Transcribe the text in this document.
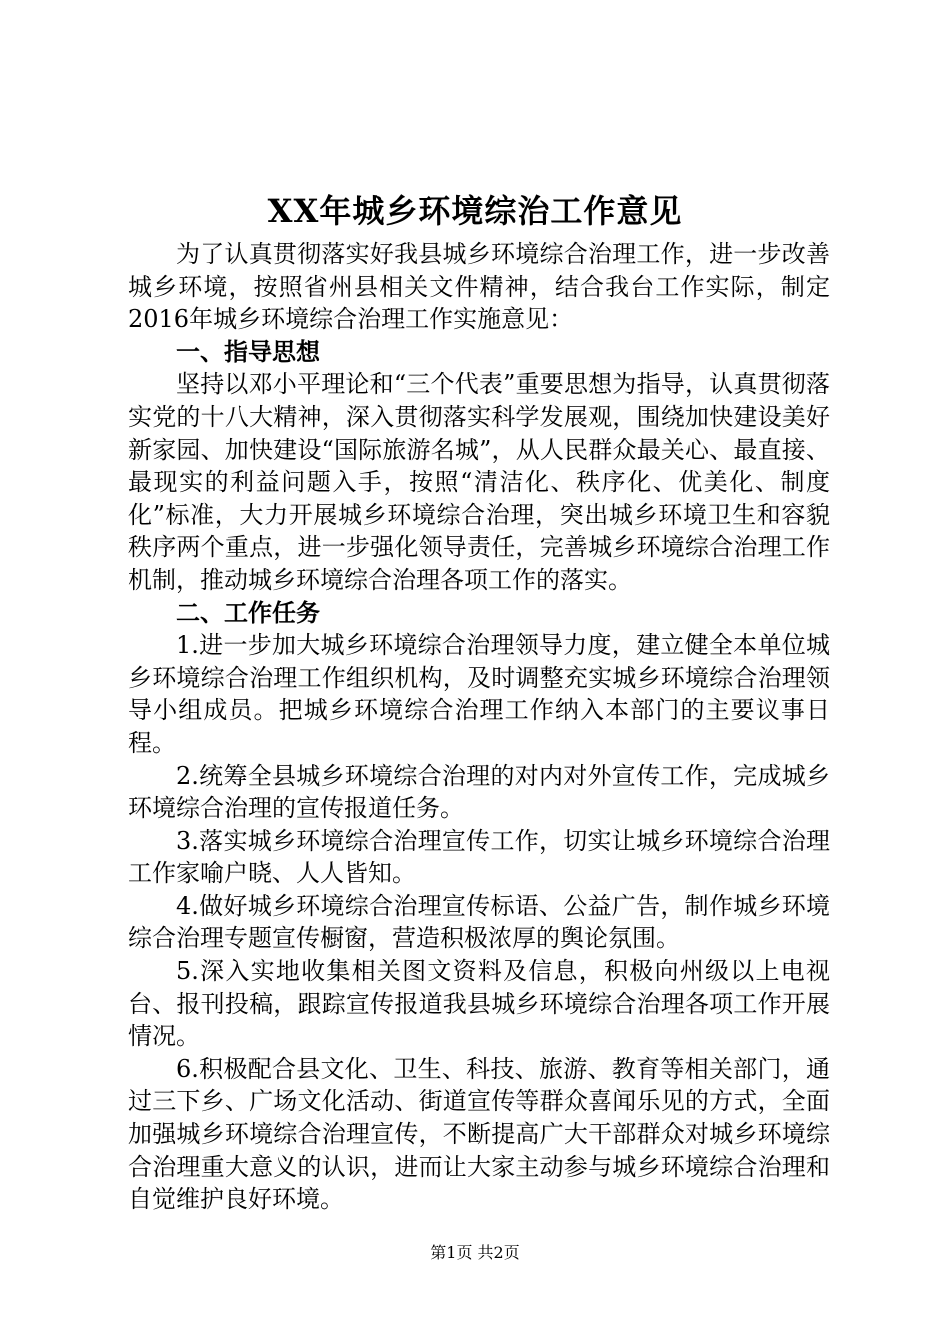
XX年城乡环境综治工作意见

为了认真贯彻落实好我县城乡环境综合治理工作，进一步改善城乡环境，按照省州县相关文件精神，结合我台工作实际，制定2016年城乡环境综合治理工作实施意见：

一、指导思想

坚持以邓小平理论和“三个代表”重要思想为指导，认真贯彻落实党的十八大精神，深入贯彻落实科学发展观，围绕加快建设美好新家园、加快建设“国际旅游名城”，从人民群众最关心、最直接、最现实的利益问题入手，按照“清洁化、秩序化、优美化、制度化”标准，大力开展城乡环境综合治理，突出城乡环境卫生和容貌秩序两个重点，进一步强化领导责任，完善城乡环境综合治理工作机制，推动城乡环境综合治理各项工作的落实。

二、工作任务

1.进一步加大城乡环境综合治理领导力度，建立健全本单位城乡环境综合治理工作组织机构，及时调整充实城乡环境综合治理领导小组成员。把城乡环境综合治理工作纳入本部门的主要议事日程。

2.统筹全县城乡环境综合治理的对内对外宣传工作，完成城乡环境综合治理的宣传报道任务。

3.落实城乡环境综合治理宣传工作，切实让城乡环境综合治理工作家喻户晓、人人皆知。

4.做好城乡环境综合治理宣传标语、公益广告，制作城乡环境综合治理专题宣传橱窗，营造积极浓厚的舆论氛围。

5.深入实地收集相关图文资料及信息，积极向州级以上电视台、报刊投稿，跟踪宣传报道我县城乡环境综合治理各项工作开展情况。

6.积极配合县文化、卫生、科技、旅游、教育等相关部门，通过三下乡、广场文化活动、街道宣传等群众喜闻乐见的方式，全面加强城乡环境综合治理宣传，不断提高广大干部群众对城乡环境综合治理重大意义的认识，进而让大家主动参与城乡环境综合治理和自觉维护良好环境。

第1页 共2页
